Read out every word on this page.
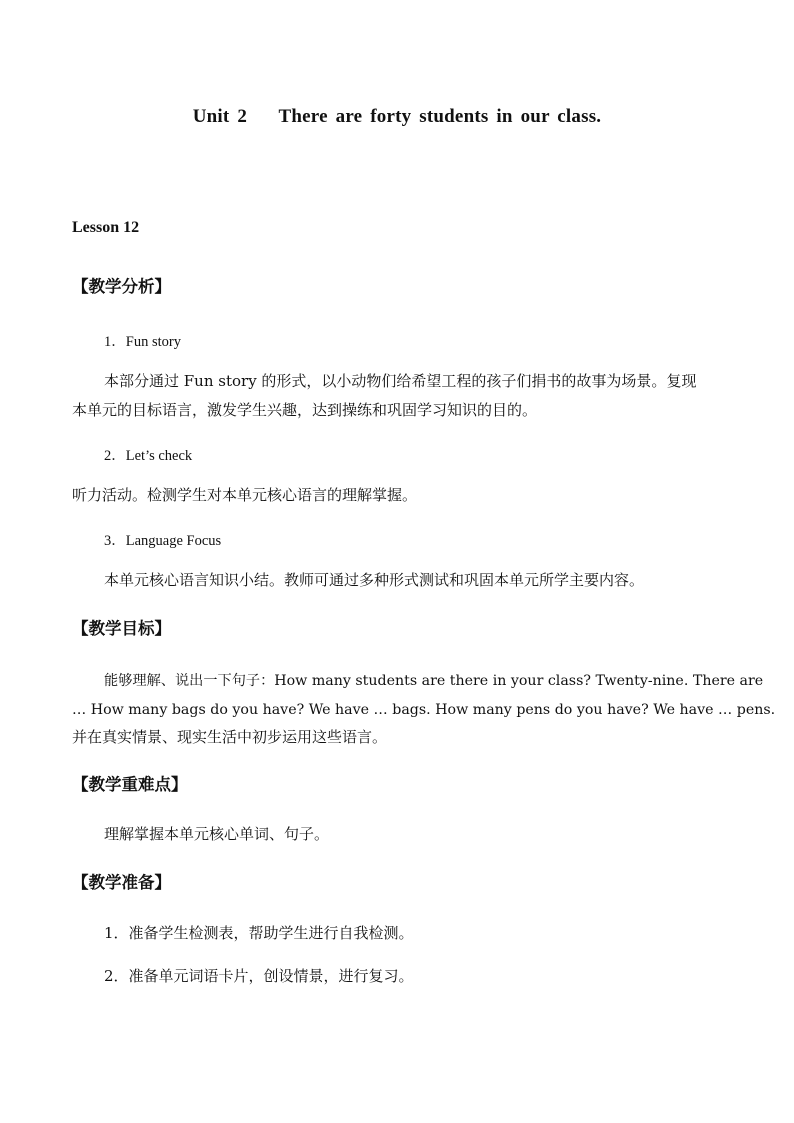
Unit 2    There are forty students in our class.
Lesson 12
【教学分析】
1．Fun story
本部分通过 Fun story 的形式，以小动物们给希望工程的孩子们捐书的故事为场景。复现
本单元的目标语言，激发学生兴趣，达到操练和巩固学习知识的目的。
2．Let’s check
听力活动。检测学生对本单元核心语言的理解掌握。
3．Language Focus
本单元核心语言知识小结。教师可通过多种形式测试和巩固本单元所学主要内容。
【教学目标】
能够理解、说出一下句子：How many students are there in your class? Twenty-nine. There are
… How many bags do you have? We have … bags. How many pens do you have? We have … pens.
并在真实情景、现实生活中初步运用这些语言。
【教学重难点】
理解掌握本单元核心单词、句子。
【教学准备】
1．准备学生检测表，帮助学生进行自我检测。
2．准备单元词语卡片，创设情景，进行复习。
